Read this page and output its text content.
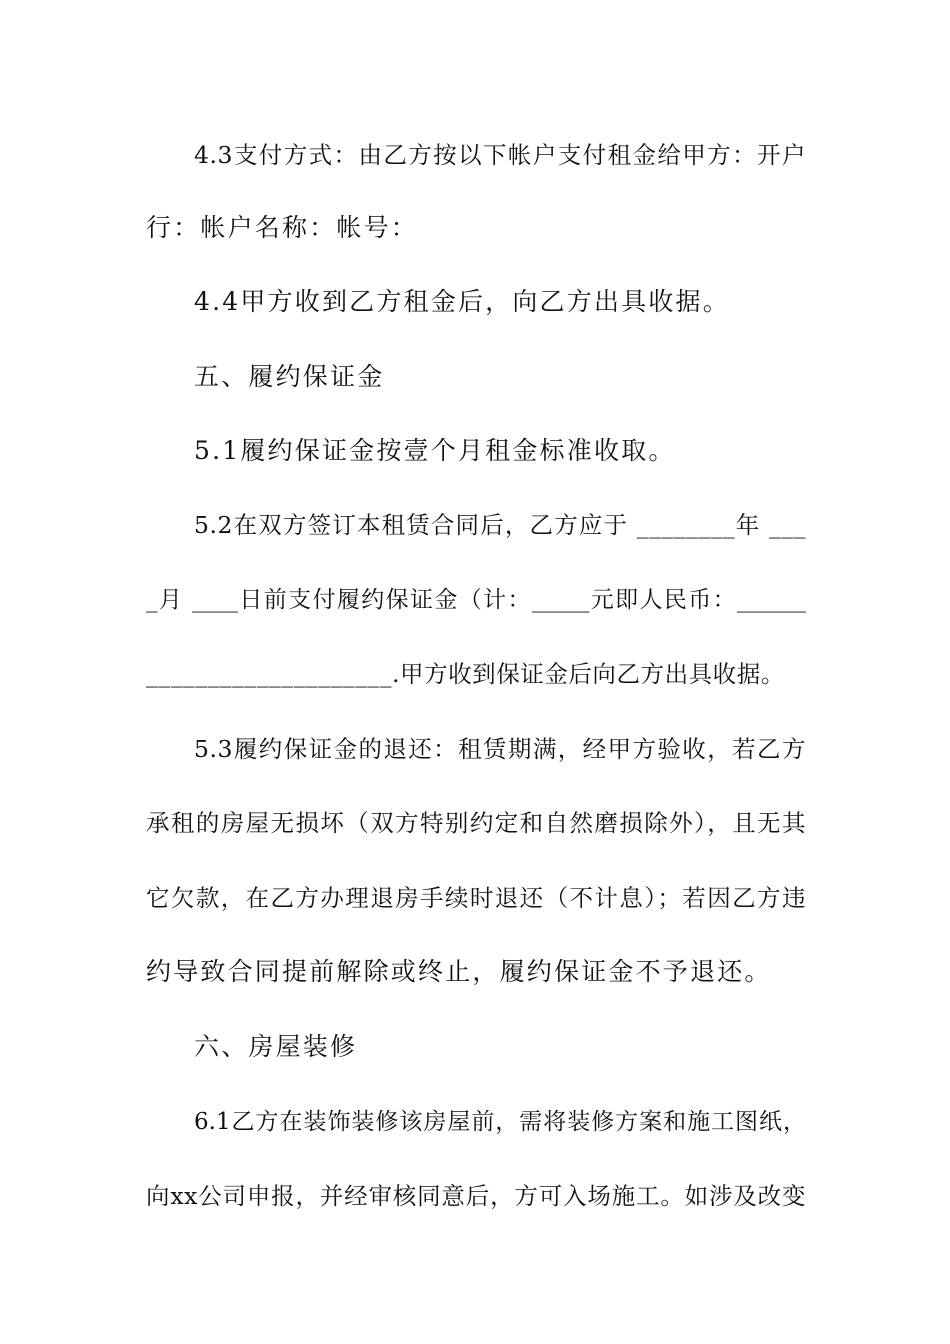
4.3支付方式：由乙方按以下帐户支付租金给甲方：开户
行：帐户名称：帐号：
4.4甲方收到乙方租金后，向乙方出具收据。
五、履约保证金
5.1履约保证金按壹个月租金标准收取。
5.2在双方签订本租赁合同后，乙方应于 ________年 ___
_月 ____日前支付履约保证金（计：_____元即人民币：______
____________________.甲方收到保证金后向乙方出具收据。
5.3履约保证金的退还：租赁期满，经甲方验收，若乙方
承租的房屋无损坏（双方特别约定和自然磨损除外），且无其
它欠款，在乙方办理退房手续时退还（不计息）；若因乙方违
约导致合同提前解除或终止，履约保证金不予退还。
六、房屋装修
6.1乙方在装饰装修该房屋前，需将装修方案和施工图纸，
向xx公司申报，并经审核同意后，方可入场施工。如涉及改变
